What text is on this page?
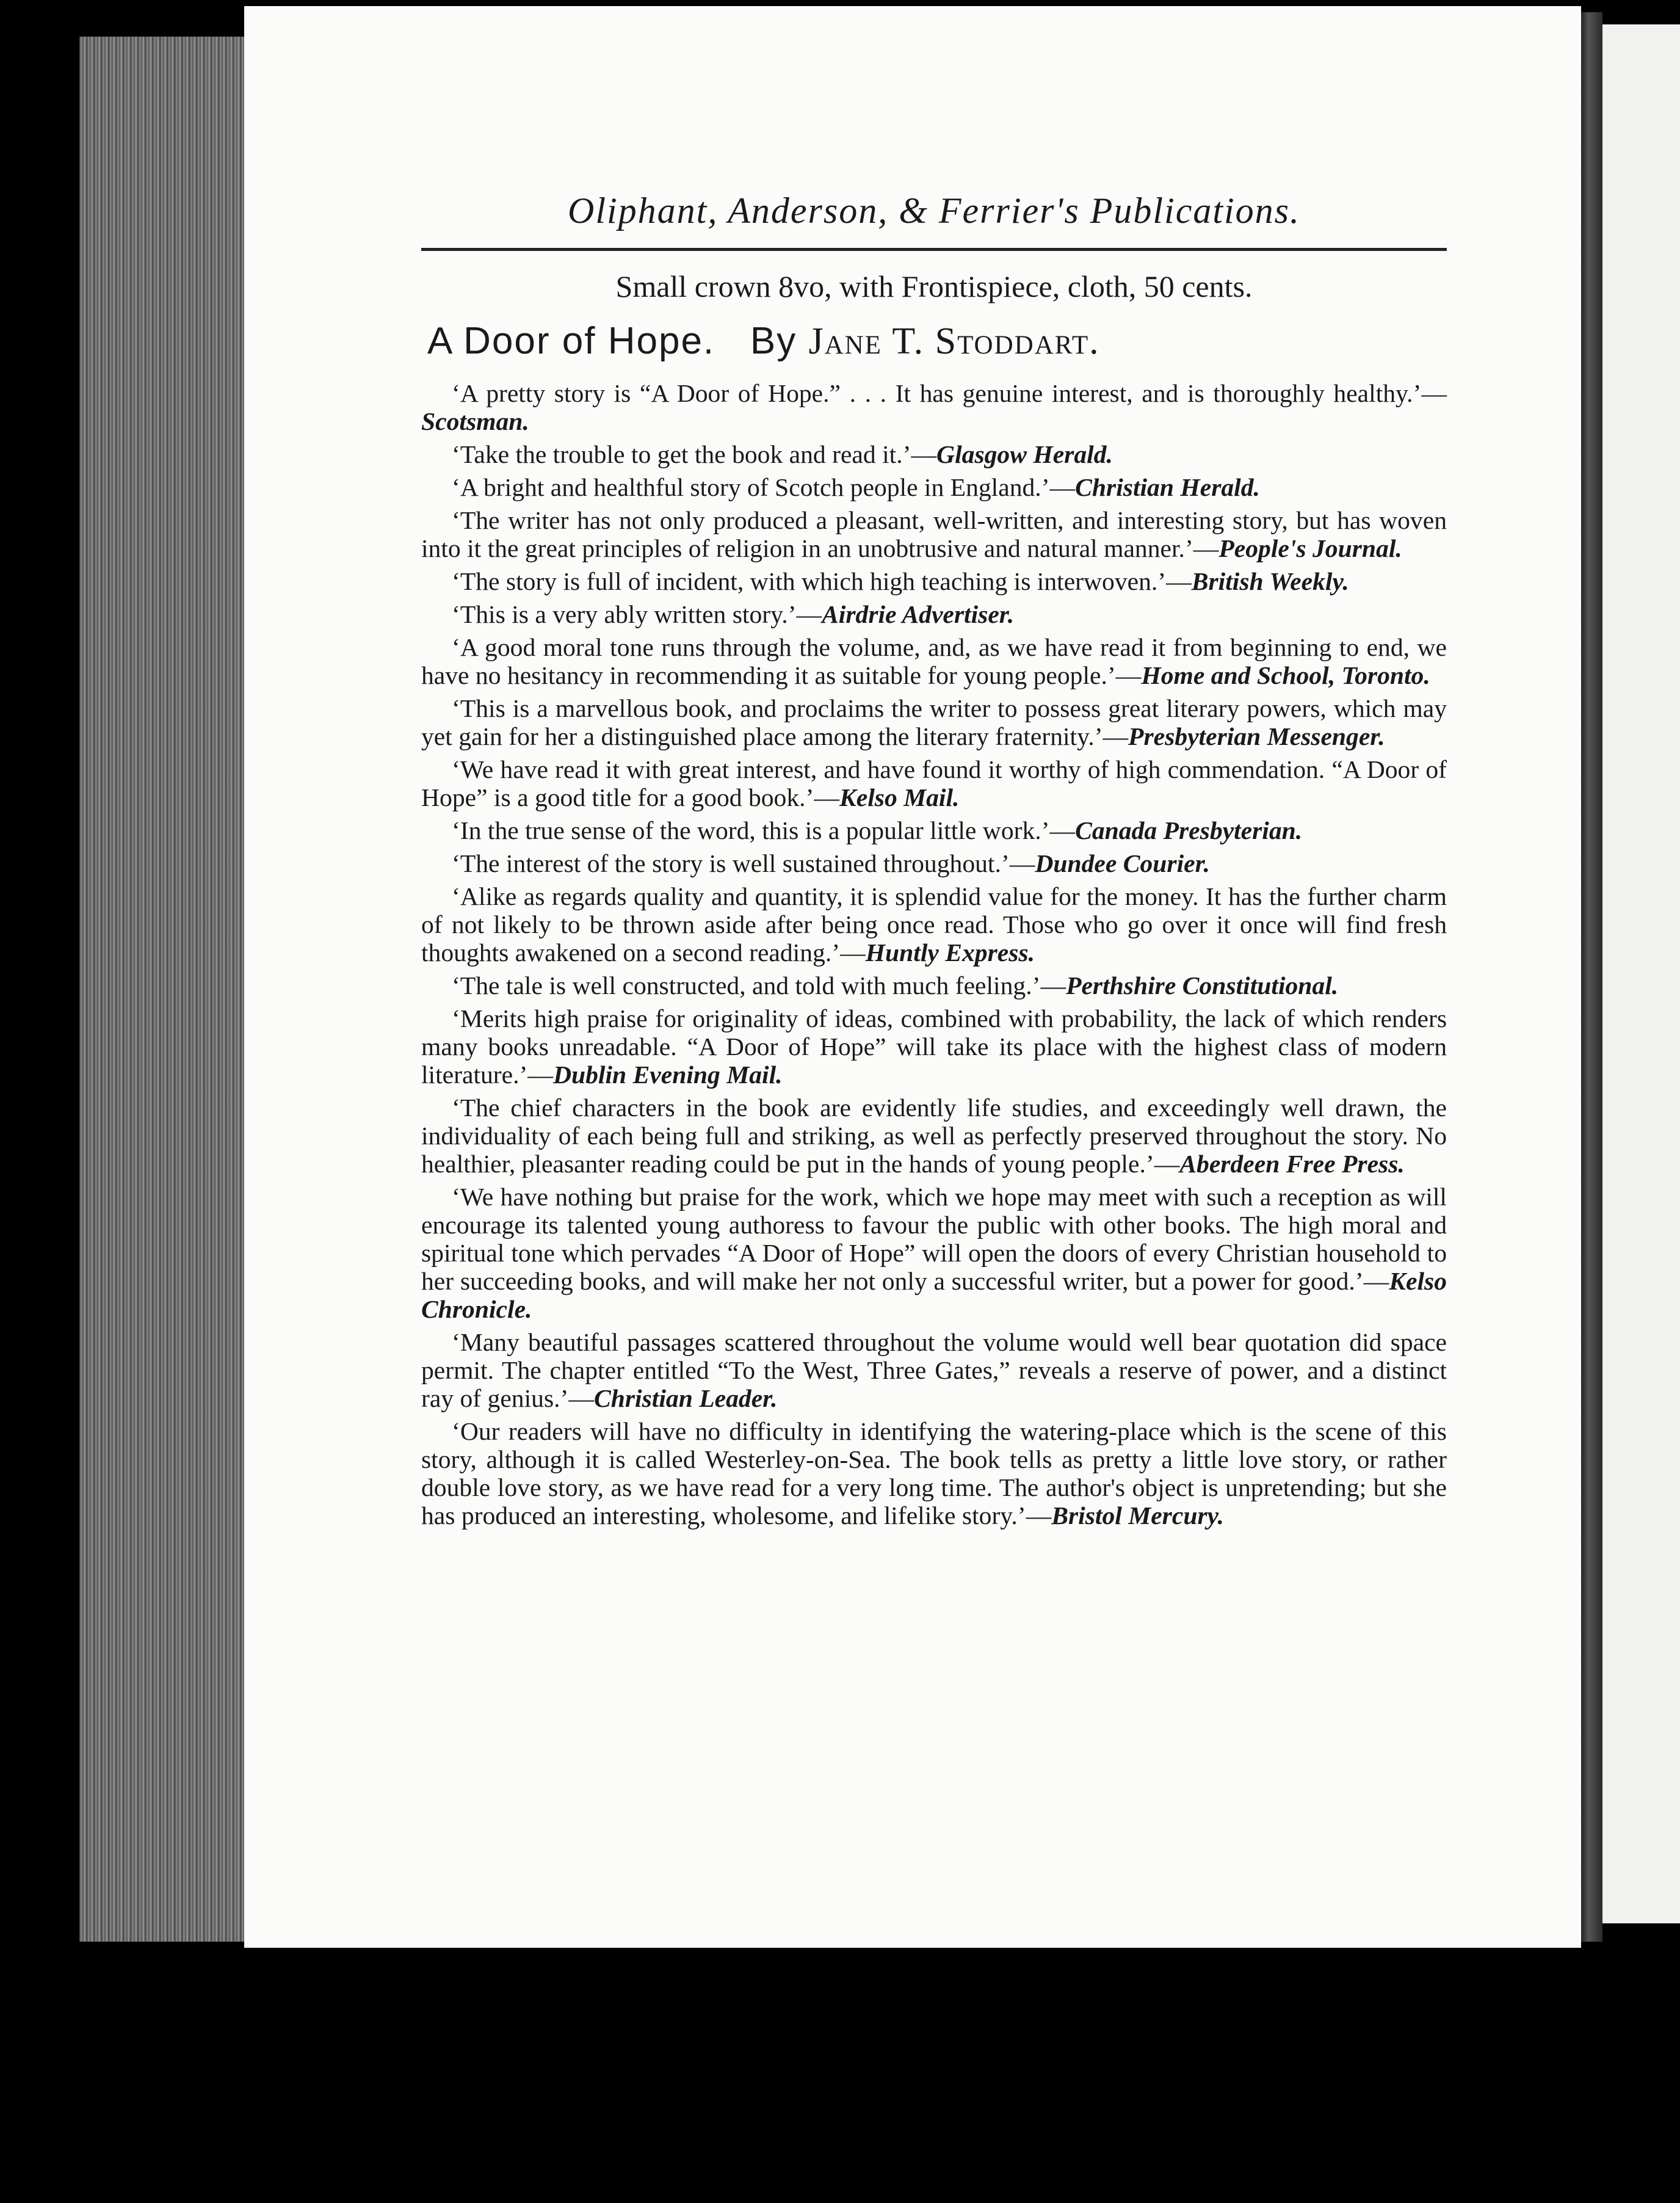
Oliphant, Anderson, & Ferrier's Publications.

Small crown 8vo, with Frontispiece, cloth, 50 cents.

A Door of Hope. By Jane T. Stoddart.

‘A pretty story is “A Door of Hope.” . . . It has genuine interest, and is thoroughly healthy.’—Scotsman.

‘Take the trouble to get the book and read it.’—Glasgow Herald.

‘A bright and healthful story of Scotch people in England.’—Christian Herald.

‘The writer has not only produced a pleasant, well-written, and interesting story, but has woven into it the great principles of religion in an unobtrusive and natural manner.’—People's Journal.

‘The story is full of incident, with which high teaching is interwoven.’—British Weekly.

‘This is a very ably written story.’—Airdrie Advertiser.

‘A good moral tone runs through the volume, and, as we have read it from beginning to end, we have no hesitancy in recommending it as suitable for young people.’—Home and School, Toronto.

‘This is a marvellous book, and proclaims the writer to possess great literary powers, which may yet gain for her a distinguished place among the literary fraternity.’—Presbyterian Messenger.

‘We have read it with great interest, and have found it worthy of high commendation. “A Door of Hope” is a good title for a good book.’—Kelso Mail.

‘In the true sense of the word, this is a popular little work.’—Canada Presbyterian.

‘The interest of the story is well sustained throughout.’—Dundee Courier.

‘Alike as regards quality and quantity, it is splendid value for the money. It has the further charm of not likely to be thrown aside after being once read. Those who go over it once will find fresh thoughts awakened on a second reading.’—Huntly Express.

‘The tale is well constructed, and told with much feeling.’—Perthshire Constitutional.

‘Merits high praise for originality of ideas, combined with probability, the lack of which renders many books unreadable. “A Door of Hope” will take its place with the highest class of modern literature.’—Dublin Evening Mail.

‘The chief characters in the book are evidently life studies, and exceedingly well drawn, the individuality of each being full and striking, as well as perfectly preserved throughout the story. No healthier, pleasanter reading could be put in the hands of young people.’—Aberdeen Free Press.

‘We have nothing but praise for the work, which we hope may meet with such a reception as will encourage its talented young authoress to favour the public with other books. The high moral and spiritual tone which pervades “A Door of Hope” will open the doors of every Christian household to her succeeding books, and will make her not only a successful writer, but a power for good.’—Kelso Chronicle.

‘Many beautiful passages scattered throughout the volume would well bear quotation did space permit. The chapter entitled “To the West, Three Gates,” reveals a reserve of power, and a distinct ray of genius.’—Christian Leader.

‘Our readers will have no difficulty in identifying the watering-place which is the scene of this story, although it is called Westerley-on-Sea. The book tells as pretty a little love story, or rather double love story, as we have read for a very long time. The author's object is unpretending; but she has produced an interesting, wholesome, and lifelike story.’—Bristol Mercury.
